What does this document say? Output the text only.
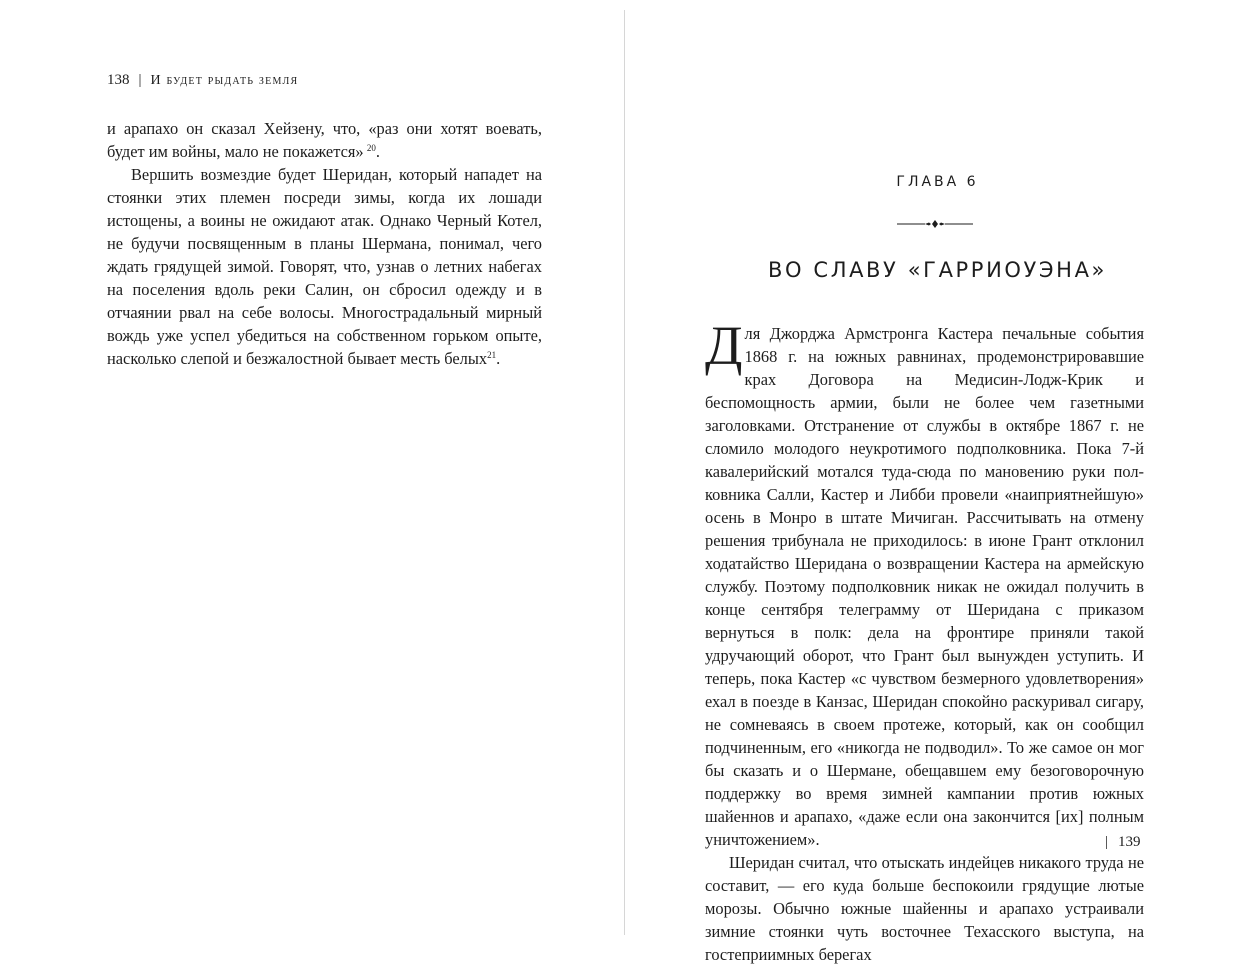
138 | И будет рыдать земля

и арапахо он сказал Хейзену, что, «раз они хотят воевать, будет им войны, мало не покажется»  $^{20}$.

Вершить возмездие будет Шеридан, который нападет на стоянки этих племен посреди зимы, когда их лошади истощены, а воины не ожидают атак. Однако Черный Котел, не будучи посвященным в планы Шермана, понимал, чего ждать грядущей зимой. Говорят, что, узнав о летних набегах на поселения вдоль реки Салин, он сбросил одежду и в отчаянии рвал на себе волосы. Многострадальный мирный вождь уже успел убедиться на собственном горьком опыте, насколько слепой и безжалостной бывает месть белых$^{21}$.

ГЛАВА 6
ВО СЛАВУ «ГАРРИОУЭНА»

Для Джорджа Армстронга Кастера печальные события 1868 г. на южных равнинах, продемонстрировавшие крах Договора на Медисин-Лодж-Крик и беспомощность армии, были не более чем газетными заголовками. Отстранение от службы в октябре 1867 г. не сломило молодого неукротимого подполковника. Пока 7-й кавалерийский мотался туда-сюда по мановению руки полковника Салли, Кастер и Либби провели «наиприятнейшую» осень в Монро в штате Мичиган. Рассчитывать на отмену решения трибунала не приходилось: в июне Грант отклонил ходатайство Шеридана о возвращении Кастера на армейскую службу. Поэтому подполковник никак не ожидал получить в конце сентября телеграмму от Шеридана с приказом вернуться в полк: дела на фронтире приняли такой удручающий оборот, что Грант был вынужден уступить. И теперь, пока Кастер «с чувством безмерного удовлетворения» ехал в поезде в Канзас, Шеридан спокойно раскуривал сигару, не сомневаясь в своем протеже, который, как он сообщил подчиненным, его «никогда не подводил». То же самое он мог бы сказать и о Шермане, обещавшем ему безоговорочную поддержку во время зимней кампании против южных шайеннов и арапахо, «даже если она закончится [их] полным уничтожением».

Шеридан считал, что отыскать индейцев никакого труда не составит, — его куда больше беспокоили грядущие лютые морозы. Обычно южные шайенны и арапахо устраивали зимние стоянки чуть восточнее Техасского выступа, на гостеприимных берегах

| 139
